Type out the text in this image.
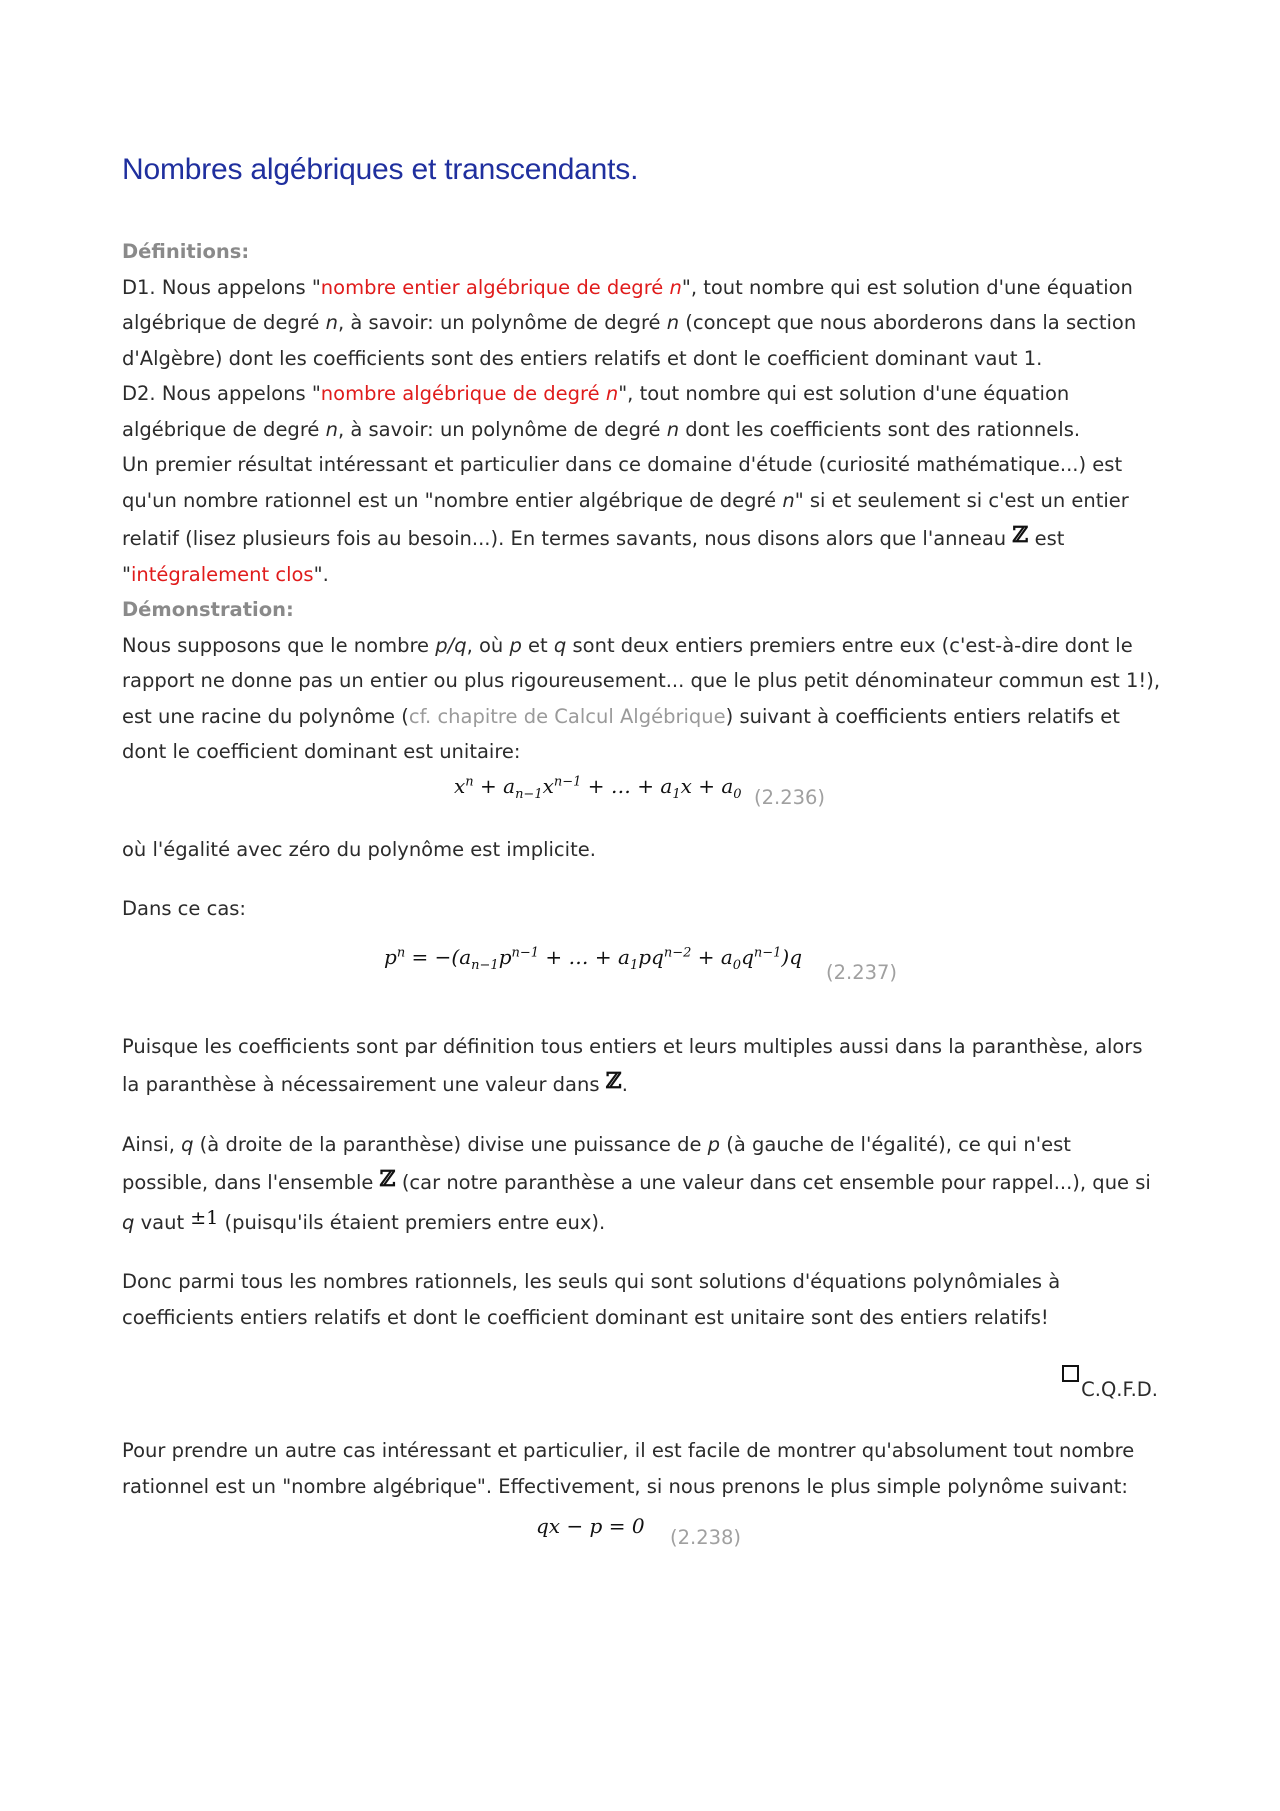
Nombres algébriques et transcendants.
Définitions:
D1. Nous appelons "nombre entier algébrique de degré n", tout nombre qui est solution d'une équation algébrique de degré n, à savoir: un polynôme de degré n (concept que nous aborderons dans la section d'Algèbre) dont les coefficients sont des entiers relatifs et dont le coefficient dominant vaut 1.
D2. Nous appelons "nombre algébrique de degré n", tout nombre qui est solution d'une équation algébrique de degré n, à savoir: un polynôme de degré n dont les coefficients sont des rationnels.
Un premier résultat intéressant et particulier dans ce domaine d'étude (curiosité mathématique...) est qu'un nombre rationnel est un "nombre entier algébrique de degré n" si et seulement si c'est un entier relatif (lisez plusieurs fois au besoin...). En termes savants, nous disons alors que l'anneau ℤ est "intégralement clos".
Démonstration:
Nous supposons que le nombre p/q, où p et q sont deux entiers premiers entre eux (c'est-à-dire dont le rapport ne donne pas un entier ou plus rigoureusement... que le plus petit dénominateur commun est 1!), est une racine du polynôme (cf. chapitre de Calcul Algébrique) suivant à coefficients entiers relatifs et dont le coefficient dominant est unitaire:
$x^n + a_{n-1}x^{n-1}$ + … + $a_1x + a_0$ (2.236)
où l'égalité avec zéro du polynôme est implicite.
Dans ce cas:
$p^n = -(a_{n-1}p^{n-1}$ + … + $a_1pq^{n-2} + a_0q^{n-1})q$
(2.237)
Puisque les coefficients sont par définition tous entiers et leurs multiples aussi dans la paranthèse, alors la paranthèse à nécessairement une valeur dans ℤ.
Ainsi, q (à droite de la paranthèse) divise une puissance de p (à gauche de l'égalité), ce qui n'est possible, dans l'ensemble ℤ (car notre paranthèse a une valeur dans cet ensemble pour rappel...), que si q vaut ±1 (puisqu'ils étaient premiers entre eux).
Donc parmi tous les nombres rationnels, les seuls qui sont solutions d'équations polynômiales à coefficients entiers relatifs et dont le coefficient dominant est unitaire sont des entiers relatifs!
C.Q.F.D.
Pour prendre un autre cas intéressant et particulier, il est facile de montrer qu'absolument tout nombre rationnel est un "nombre algébrique". Effectivement, si nous prenons le plus simple polynôme suivant:
qx − p = 0 (2.238)
